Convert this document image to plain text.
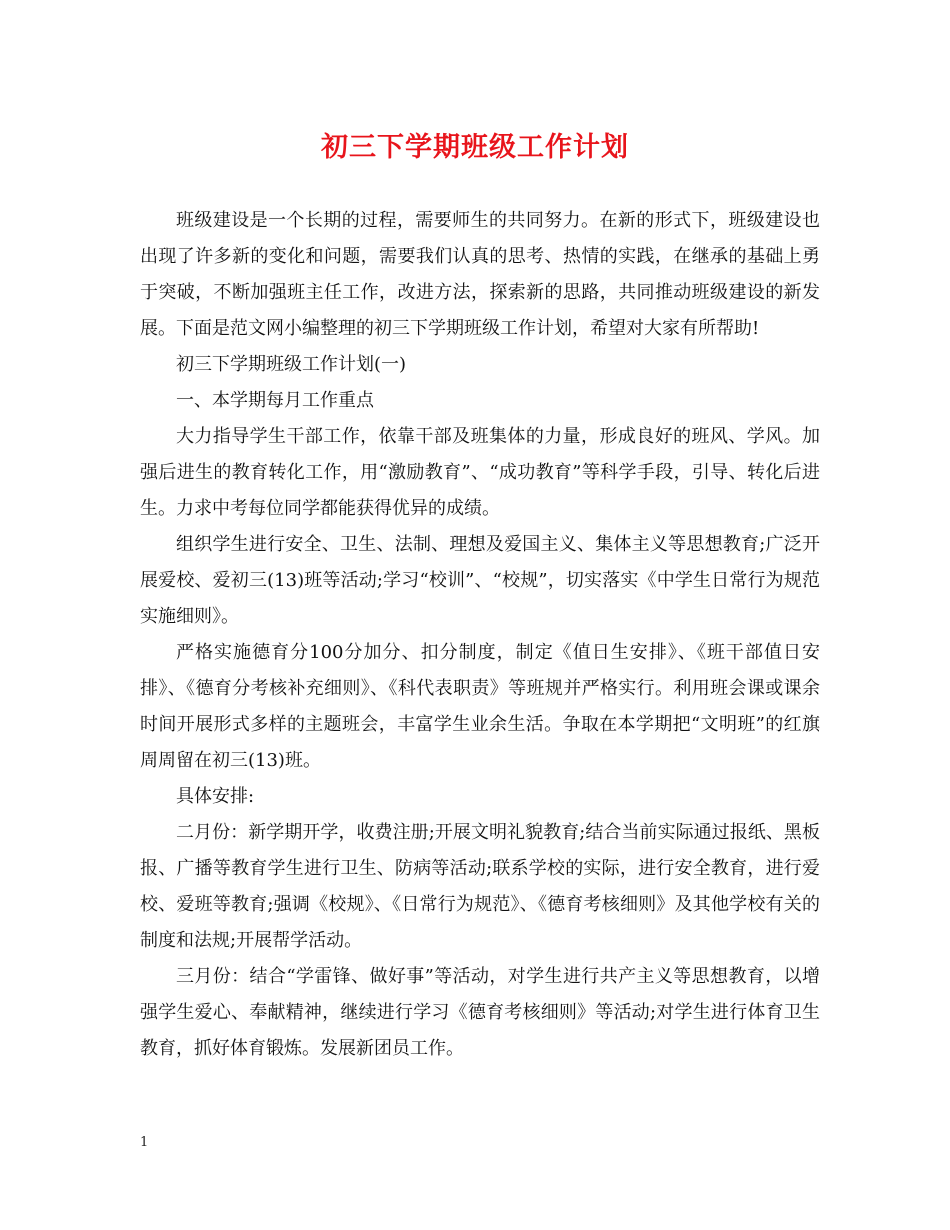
初三下学期班级工作计划

班级建设是一个长期的过程，需要师生的共同努力。在新的形式下，班级建设也出现了许多新的变化和问题，需要我们认真的思考、热情的实践，在继承的基础上勇于突破，不断加强班主任工作，改进方法，探索新的思路，共同推动班级建设的新发展。下面是范文网小编整理的初三下学期班级工作计划，希望对大家有所帮助!

初三下学期班级工作计划(一)

一、本学期每月工作重点

大力指导学生干部工作，依靠干部及班集体的力量，形成良好的班风、学风。加强后进生的教育转化工作，用“激励教育”、“成功教育”等科学手段，引导、转化后进生。力求中考每位同学都能获得优异的成绩。

组织学生进行安全、卫生、法制、理想及爱国主义、集体主义等思想教育;广泛开展爱校、爱初三(13)班等活动;学习“校训”、“校规”，切实落实《中学生日常行为规范实施细则》。

严格实施德育分100分加分、扣分制度，制定《值日生安排》、《班干部值日安排》、《德育分考核补充细则》、《科代表职责》等班规并严格实行。利用班会课或课余时间开展形式多样的主题班会，丰富学生业余生活。争取在本学期把“文明班”的红旗周周留在初三(13)班。

具体安排:

二月份：新学期开学，收费注册;开展文明礼貌教育;结合当前实际通过报纸、黑板报、广播等教育学生进行卫生、防病等活动;联系学校的实际，进行安全教育，进行爱校、爱班等教育;强调《校规》、《日常行为规范》、《德育考核细则》及其他学校有关的制度和法规;开展帮学活动。

三月份：结合“学雷锋、做好事”等活动，对学生进行共产主义等思想教育，以增强学生爱心、奉献精神，继续进行学习《德育考核细则》等活动;对学生进行体育卫生教育，抓好体育锻炼。发展新团员工作。

1
